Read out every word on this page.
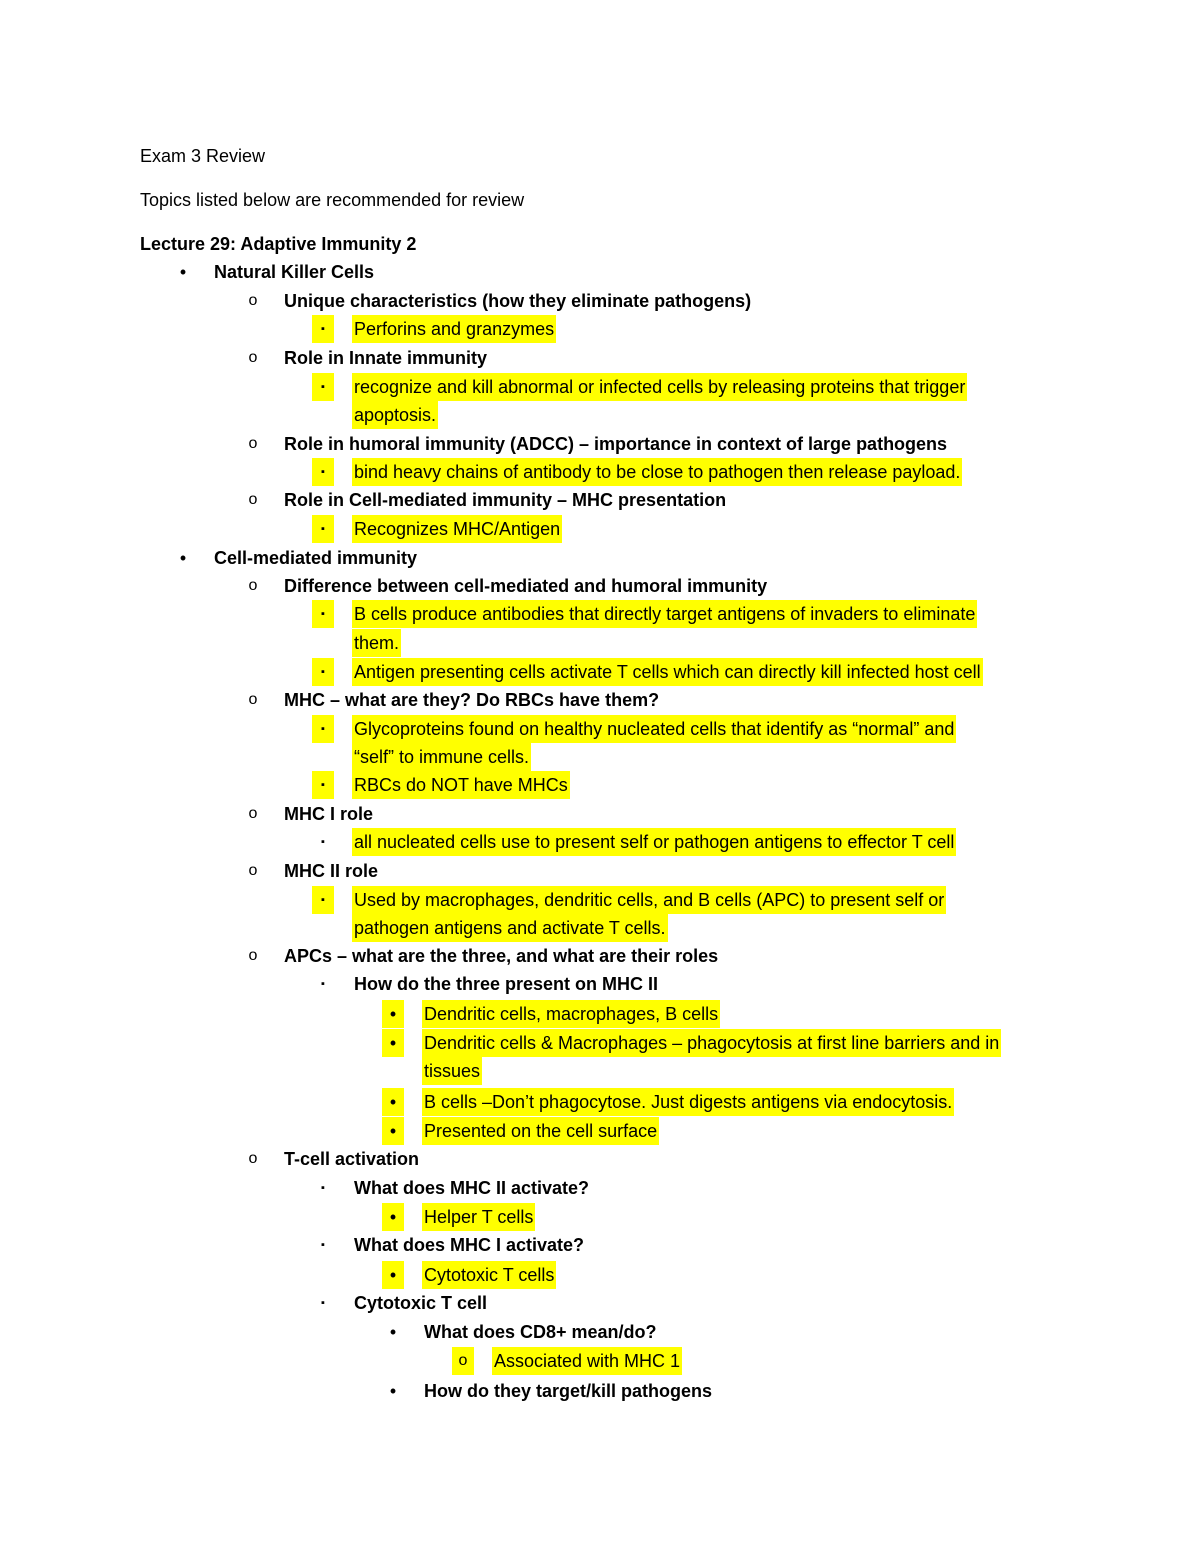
Exam 3 Review
Topics listed below are recommended for review
Lecture 29: Adaptive Immunity 2
•	Natural Killer Cells
o	Unique characteristics (how they eliminate pathogens)
▪	Perforins and granzymes
o	Role in Innate immunity
▪	recognize and kill abnormal or infected cells by releasing proteins that trigger
apoptosis.
o	Role in humoral immunity (ADCC) – importance in context of large pathogens
▪	bind heavy chains of antibody to be close to pathogen then release payload.
o	Role in Cell-mediated immunity – MHC presentation
▪	Recognizes MHC/Antigen
•	Cell-mediated immunity
o	Difference between cell-mediated and humoral immunity
▪	B cells produce antibodies that directly target antigens of invaders to eliminate
them.
▪	Antigen presenting cells activate T cells which can directly kill infected host cell
o	MHC – what are they? Do RBCs have them?
▪	Glycoproteins found on healthy nucleated cells that identify as “normal” and
“self” to immune cells.
▪	RBCs do NOT have MHCs
o	MHC I role
▪	all nucleated cells use to present self or pathogen antigens to effector T cell
o	MHC II role
▪	Used by macrophages, dendritic cells, and B cells (APC) to present self or
pathogen antigens and activate T cells.
o	APCs – what are the three, and what are their roles
▪	How do the three present on MHC II
•	Dendritic cells, macrophages, B cells
•	Dendritic cells & Macrophages – phagocytosis at first line barriers and in
tissues
•	B cells –Don’t phagocytose. Just digests antigens via endocytosis.
•	Presented on the cell surface
o	T-cell activation
▪	What does MHC II activate?
•	Helper T cells
▪	What does MHC I activate?
•	Cytotoxic T cells
▪	Cytotoxic T cell
•	What does CD8+ mean/do?
o	Associated with MHC 1
•	How do they target/kill pathogens
